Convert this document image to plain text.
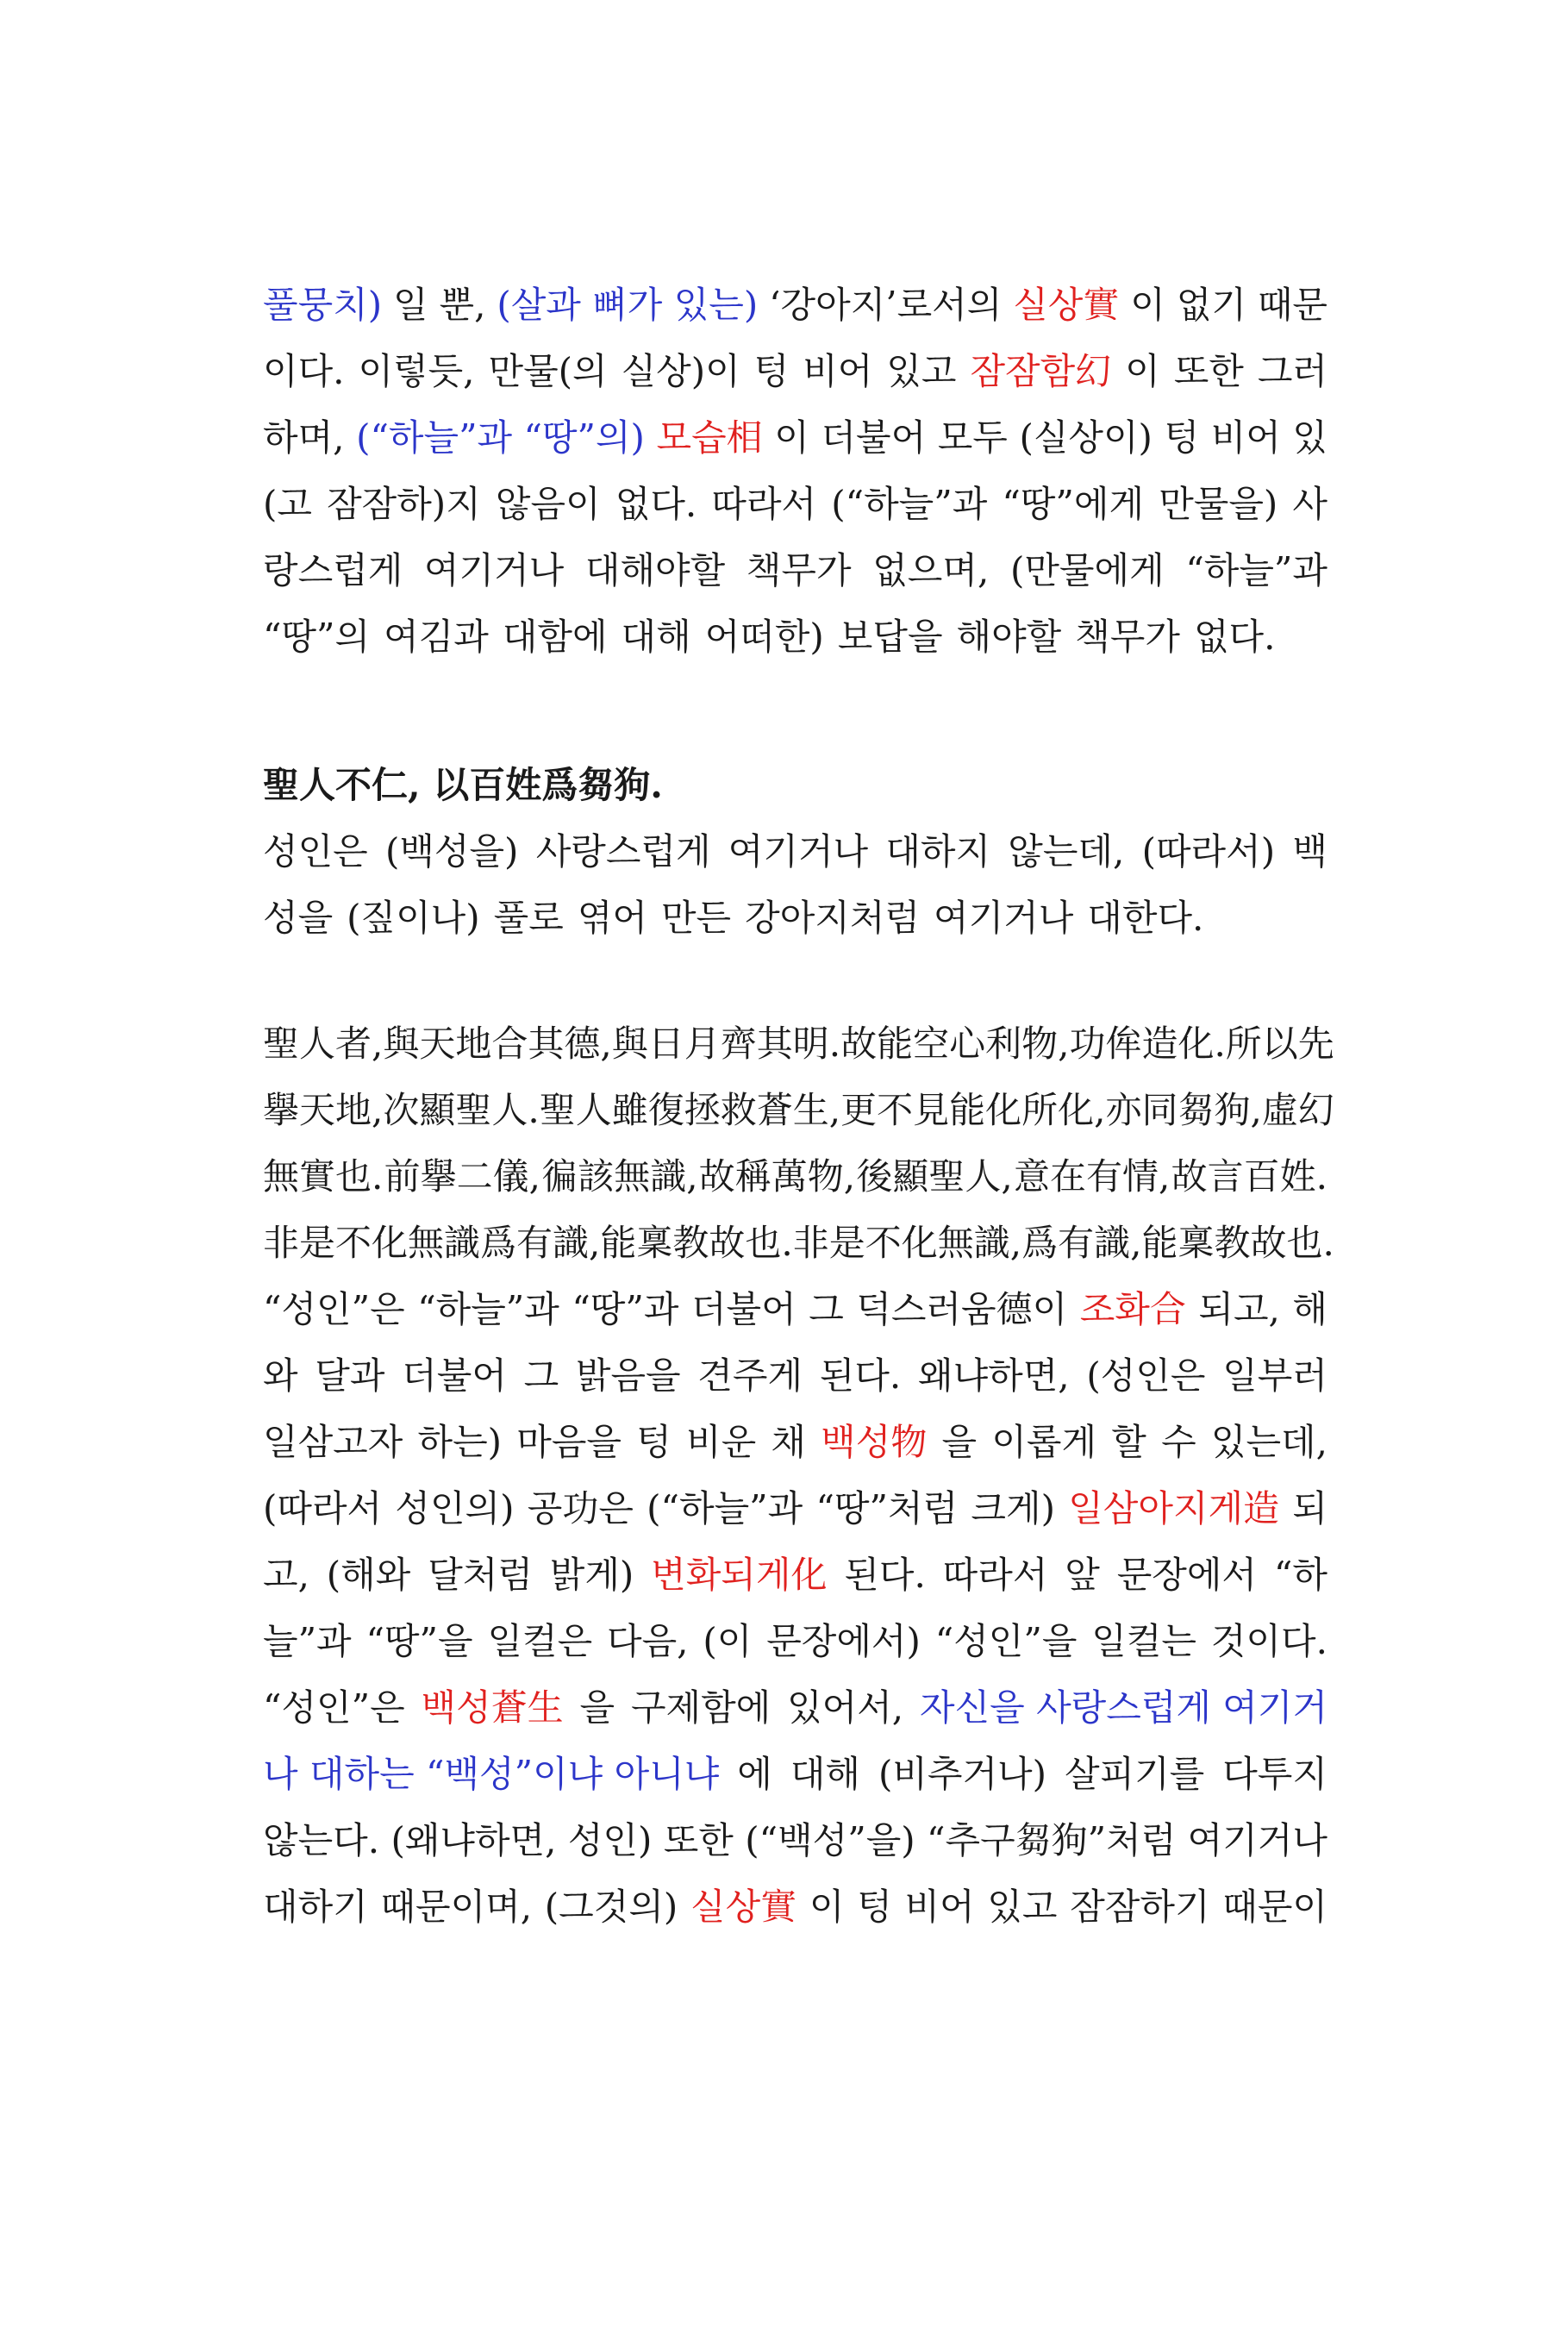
풀뭉치) 일 뿐, (살과 뼈가 있는) ‘강아지’로서의 실상實 이 없기 때문
이다. 이렇듯, 만물(의 실상)이 텅 비어 있고 잠잠함幻 이 또한 그러
하며, (“하늘”과 “땅”의) 모습相 이 더불어 모두 (실상이) 텅 비어 있
(고 잠잠하)지 않음이 없다. 따라서 (“하늘”과 “땅”에게 만물을) 사
랑스럽게 여기거나 대해야할 책무가 없으며, (만물에게 “하늘”과
“땅”의 여김과 대함에 대해 어떠한) 보답을 해야할 책무가 없다.
聖人不仁, 以百姓爲芻狗.
성인은 (백성을) 사랑스럽게 여기거나 대하지 않는데, (따라서) 백
성을 (짚이나) 풀로 엮어 만든 강아지처럼 여기거나 대한다.
聖人者, 與天地合其德, 與日月齊其明. 故能空心利物, 功侔造化. 所以先
擧天地, 次顯聖人. 聖人雖復拯救蒼生, 更不見能化所化, 亦同芻狗, 虛幻
無實也. 前擧二儀, 徧該無識, 故稱萬物, 後顯聖人, 意在有情, 故言百姓.
非是不化無識爲有識, 能稟教故也. 非是不化無識, 爲有識, 能稟教故也.
“성인”은 “하늘”과 “땅”과 더불어 그 덕스러움德이 조화合 되고, 해
와 달과 더불어 그 밝음을 견주게 된다. 왜냐하면, (성인은 일부러
일삼고자 하는) 마음을 텅 비운 채 백성物 을 이롭게 할 수 있는데,
(따라서 성인의) 공功은 (“하늘”과 “땅”처럼 크게) 일삼아지게造 되
고, (해와 달처럼 밝게) 변화되게化 된다. 따라서 앞 문장에서 “하
늘”과 “땅”을 일컬은 다음, (이 문장에서) “성인”을 일컬는 것이다.
“성인”은 백성蒼生 을 구제함에 있어서, 자신을 사랑스럽게 여기거
나 대하는 “백성”이냐 아니냐 에 대해 (비추거나) 살피기를 다투지
않는다. (왜냐하면, 성인) 또한 (“백성”을) “추구芻狗”처럼 여기거나
대하기 때문이며, (그것의) 실상實 이 텅 비어 있고 잠잠하기 때문이
